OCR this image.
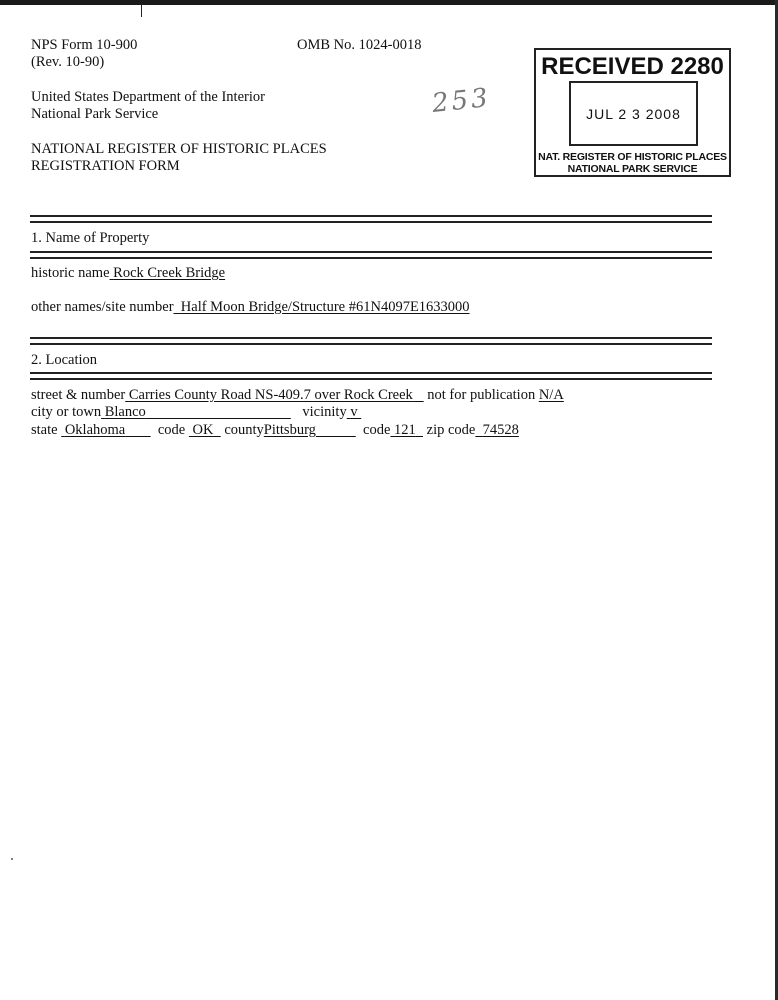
NPS Form 10-900
(Rev. 10-90)
OMB No. 1024-0018
United States Department of the Interior
National Park Service	253
NATIONAL REGISTER OF HISTORIC PLACES
REGISTRATION FORM
RECEIVED 2280
JUL 2 3 2008
NAT. REGISTER OF HISTORIC PLACES
NATIONAL PARK SERVICE
1. Name of Property
historic name Rock Creek Bridge
other names/site number Half Moon Bridge/Structure #61N4097E1633000
2. Location
street & number Carries County Road NS-409.7 over Rock Creek not for publication N/A
city or town Blanco	vicinity v
state Oklahoma code OK countyPittsburg	code 121 zip code 74528
